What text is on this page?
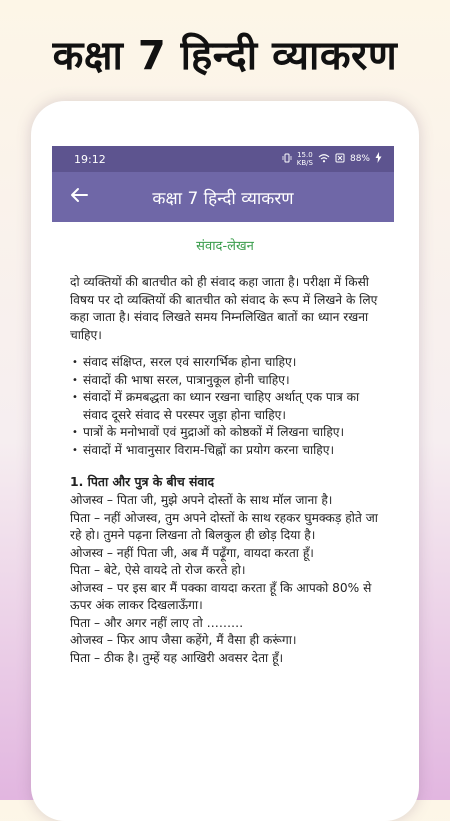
कक्षा 7 हिन्दी व्याकरण
19:12	15.0
KB/S	88%
कक्षा 7 हिन्दी व्याकरण
संवाद-लेखन

दो व्यक्तियों की बातचीत को ही संवाद कहा जाता है। परीक्षा में किसी विषय पर दो व्यक्तियों की बातचीत को संवाद के रूप में लिखने के लिए कहा जाता है। संवाद लिखते समय निम्नलिखित बातों का ध्यान रखना चाहिए।

• संवाद संक्षिप्त, सरल एवं सारगर्भिक होना चाहिए।
• संवादों की भाषा सरल, पात्रानुकूल होनी चाहिए।
• संवादों में क्रमबद्धता का ध्यान रखना चाहिए अर्थात् एक पात्र का संवाद दूसरे संवाद से परस्पर जुड़ा होना चाहिए।
• पात्रों के मनोभावों एवं मुद्राओं को कोष्ठकों में लिखना चाहिए।
• संवादों में भावानुसार विराम-चिह्नों का प्रयोग करना चाहिए।
1. पिता और पुत्र के बीच संवाद

ओजस्व – पिता जी, मुझे अपने दोस्तों के साथ मॉल जाना है।

पिता – नहीं ओजस्व, तुम अपने दोस्तों के साथ रहकर घुमक्कड़ होते जा रहे हो। तुमने पढ़ना लिखना तो बिलकुल ही छोड़ दिया है।

ओजस्व – नहीं पिता जी, अब मैं पढ़ूँगा, वायदा करता हूँ।

पिता – बेटे, ऐसे वायदे तो रोज करते हो।

ओजस्व – पर इस बार मैं पक्का वायदा करता हूँ कि आपको 80% से ऊपर अंक लाकर दिखलाऊँगा।

पिता – और अगर नहीं लाए तो ………

ओजस्व – फिर आप जैसा कहेंगे, मैं वैसा ही करूंगा।

पिता – ठीक है। तुम्हें यह आखिरी अवसर देता हूँ।
